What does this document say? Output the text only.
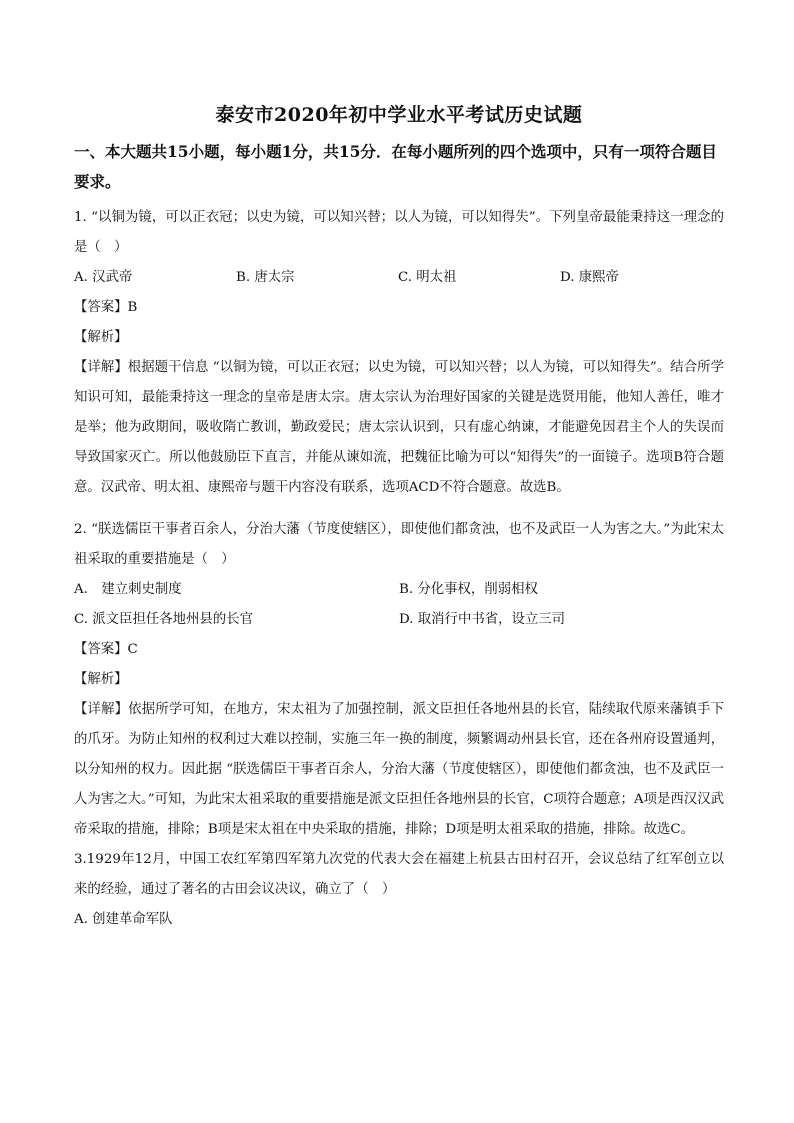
泰安市2020年初中学业水平考试历史试题

一、本大题共15小题，每小题1分，共15分．在每小题所列的四个选项中，只有一项符合题目要求。

1. “以铜为镜，可以正衣冠；以史为镜，可以知兴替；以人为镜，可以知得失”。下列皇帝最能秉持这一理念的是（　）

A. 汉武帝	B. 唐太宗	C. 明太祖	D. 康熙帝

【答案】B

【解析】

【详解】根据题干信息 “以铜为镜，可以正衣冠；以史为镜，可以知兴替；以人为镜，可以知得失”。结合所学知识可知，最能秉持这一理念的皇帝是唐太宗。唐太宗认为治理好国家的关键是选贤用能，他知人善任，唯才是举；他为政期间，吸收隋亡教训，勤政爱民；唐太宗认识到，只有虚心纳谏，才能避免因君主个人的失误而导致国家灭亡。所以他鼓励臣下直言，并能从谏如流，把魏征比喻为可以“知得失”的一面镜子。选项B符合题意。汉武帝、明太祖、康熙帝与题干内容没有联系，选项ACD不符合题意。故选B。

2. “朕选儒臣干事者百余人，分治大藩（节度使辖区），即使他们都贪浊，也不及武臣一人为害之大。”为此宋太祖采取的重要措施是（　）

A.　建立刺史制度	B. 分化事权，削弱相权
C. 派文臣担任各地州县的长官	D. 取消行中书省，设立三司

【答案】C

【解析】

【详解】依据所学可知，在地方，宋太祖为了加强控制，派文臣担任各地州县的长官，陆续取代原来藩镇手下的爪牙。为防止知州的权利过大难以控制，实施三年一换的制度，频繁调动州县长官，还在各州府设置通判，以分知州的权力。因此据 “朕选儒臣干事者百余人，分治大藩（节度使辖区），即使他们都贪浊，也不及武臣一人为害之大。”可知，为此宋太祖采取的重要措施是派文臣担任各地州县的长官，C项符合题意；A项是西汉汉武帝采取的措施，排除；B项是宋太祖在中央采取的措施，排除；D项是明太祖采取的措施，排除。故选C。

3.1929年12月，中国工农红军第四军第九次党的代表大会在福建上杭县古田村召开，会议总结了红军创立以来的经验，通过了著名的古田会议决议，确立了（　）

A. 创建革命军队
